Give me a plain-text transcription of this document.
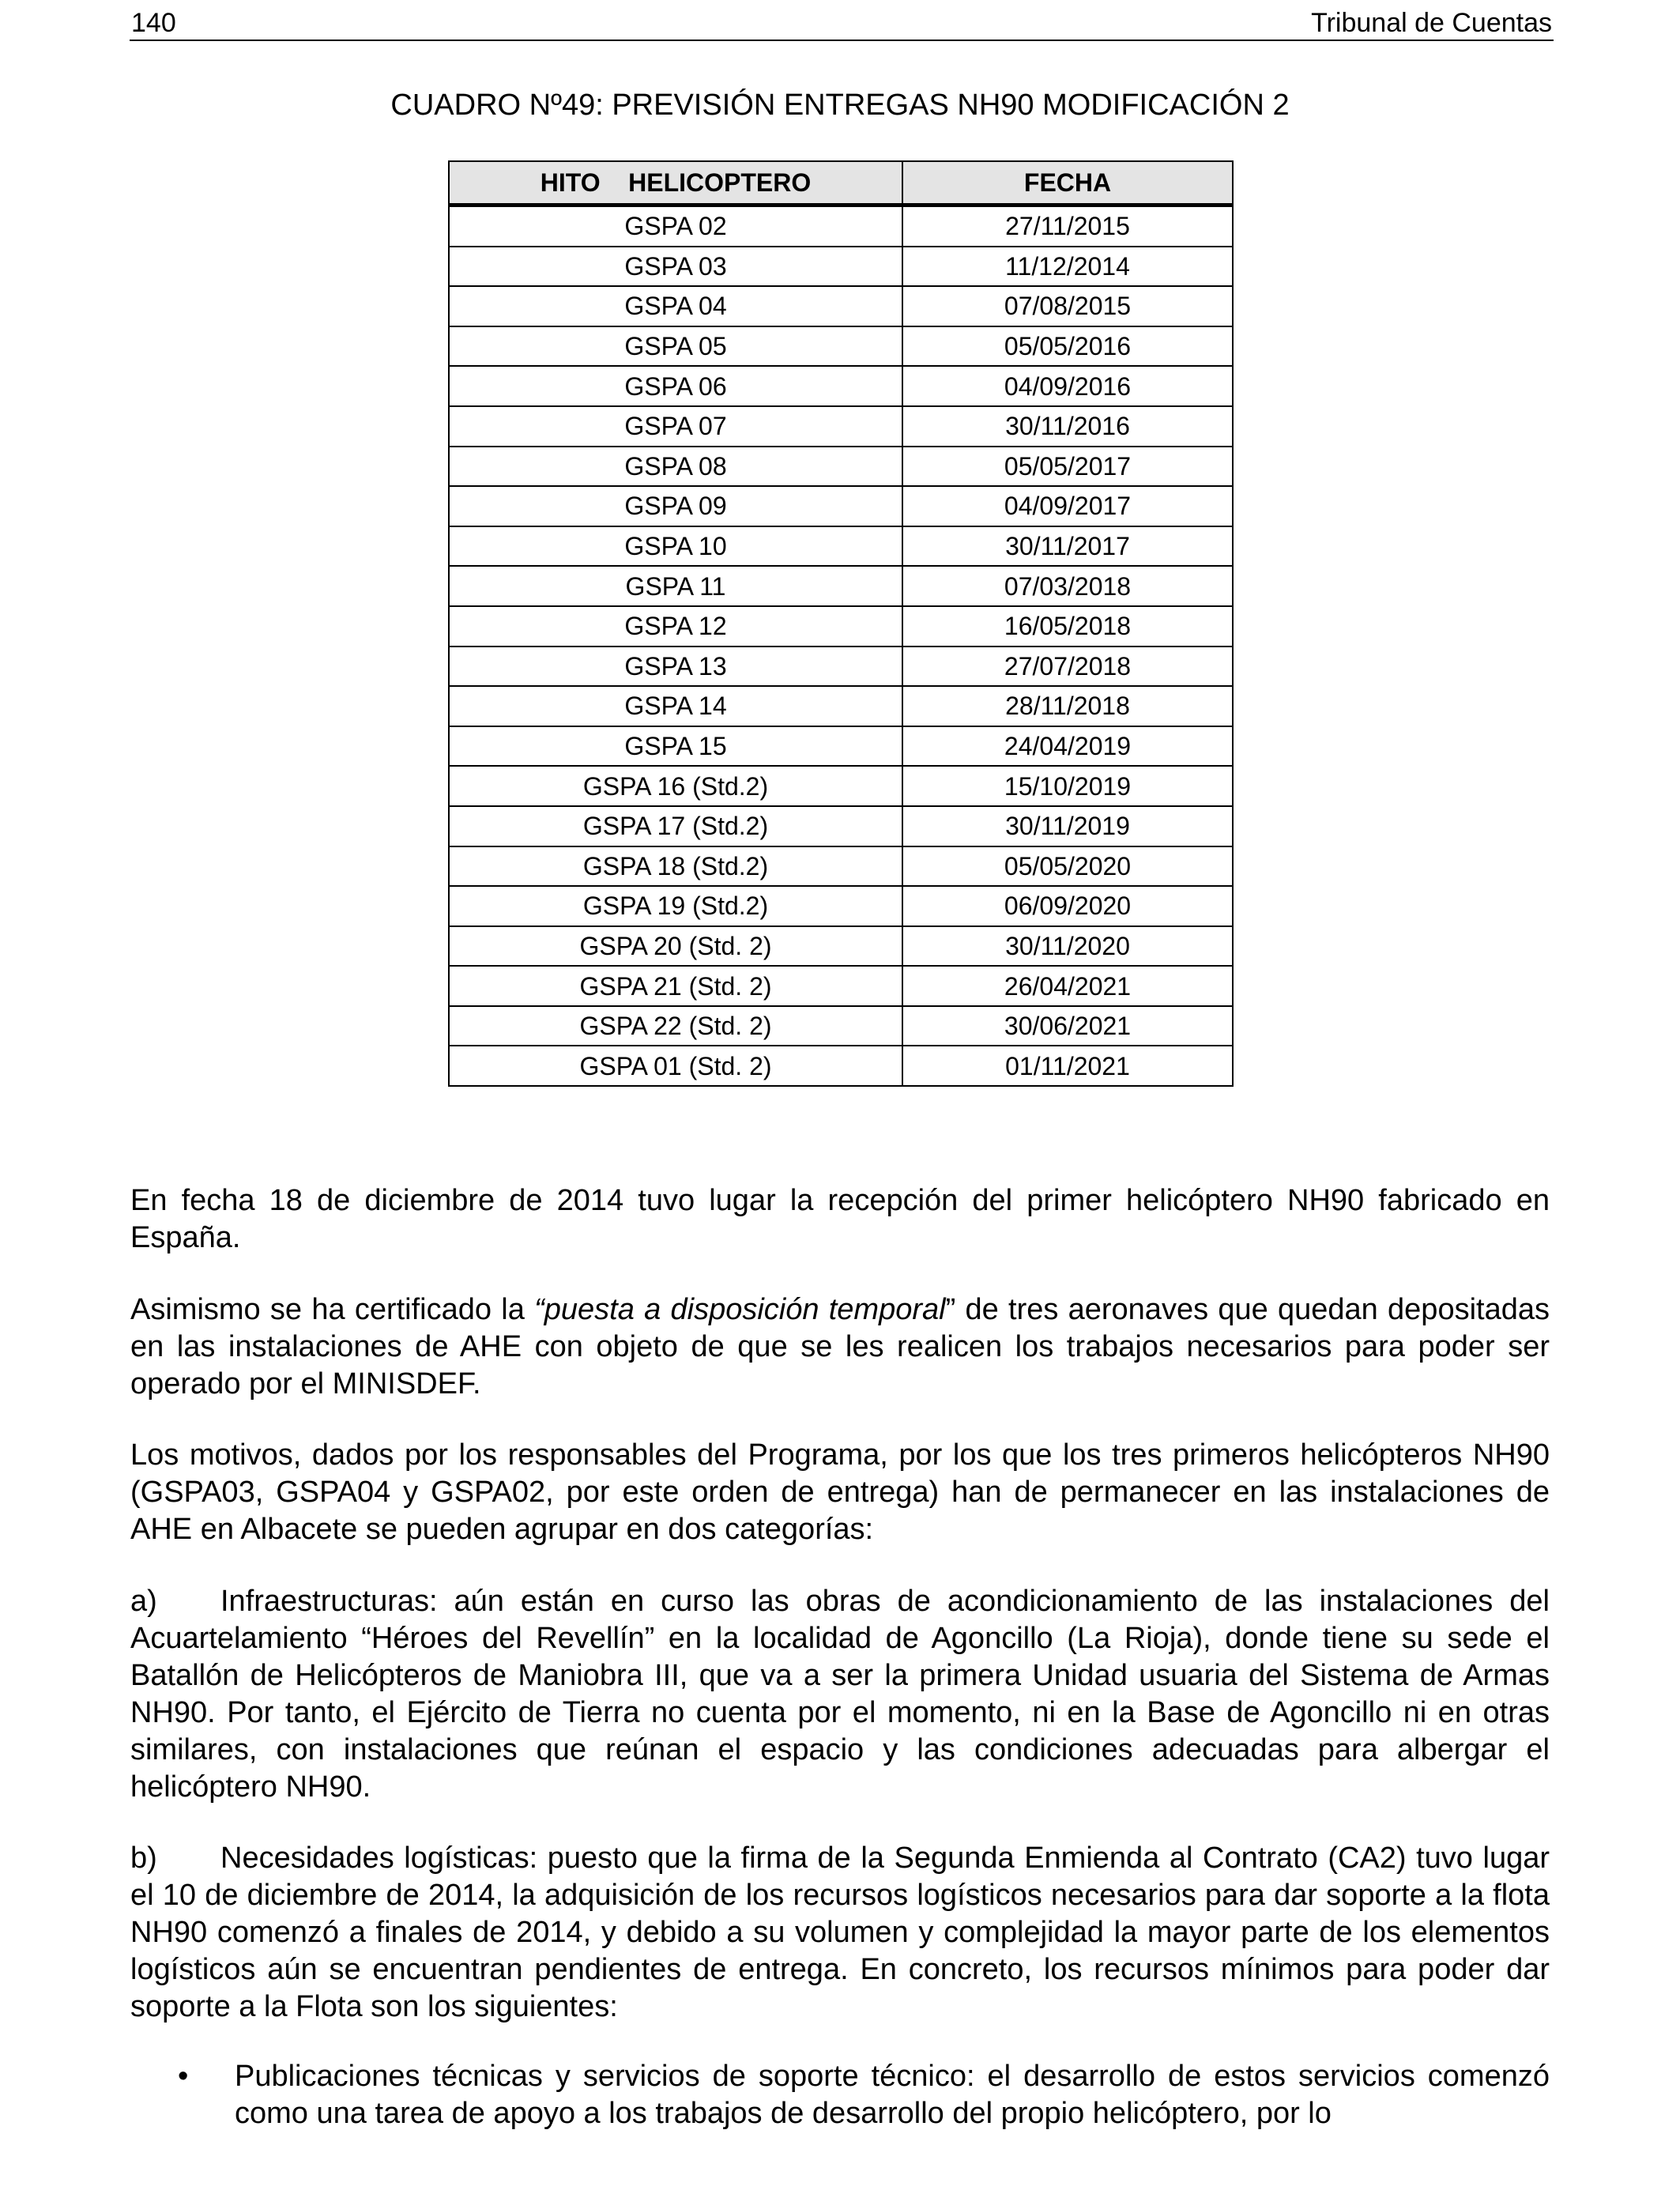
140	Tribunal de Cuentas
CUADRO Nº49: PREVISIÓN ENTREGAS NH90 MODIFICACIÓN 2
HITO HELICOPTERO	FECHA
GSPA 02	27/11/2015
GSPA 03	11/12/2014
GSPA 04	07/08/2015
GSPA 05	05/05/2016
GSPA 06	04/09/2016
GSPA 07	30/11/2016
GSPA 08	05/05/2017
GSPA 09	04/09/2017
GSPA 10	30/11/2017
GSPA 11	07/03/2018
GSPA 12	16/05/2018
GSPA 13	27/07/2018
GSPA 14	28/11/2018
GSPA 15	24/04/2019
GSPA 16 (Std.2)	15/10/2019
GSPA 17 (Std.2)	30/11/2019
GSPA 18 (Std.2)	05/05/2020
GSPA 19 (Std.2)	06/09/2020
GSPA 20 (Std. 2)	30/11/2020
GSPA 21 (Std. 2)	26/04/2021
GSPA 22 (Std. 2)	30/06/2021
GSPA 01 (Std. 2)	01/11/2021
En fecha 18 de diciembre de 2014 tuvo lugar la recepción del primer helicóptero NH90 fabricado en España.
Asimismo se ha certificado la “puesta a disposición temporal” de tres aeronaves que quedan depositadas en las instalaciones de AHE con objeto de que se les realicen los trabajos necesarios para poder ser operado por el MINISDEF.
Los motivos, dados por los responsables del Programa, por los que los tres primeros helicópteros NH90 (GSPA03, GSPA04 y GSPA02, por este orden de entrega) han de permanecer en las instalaciones de AHE en Albacete se pueden agrupar en dos categorías:
a) Infraestructuras: aún están en curso las obras de acondicionamiento de las instalaciones del Acuartelamiento “Héroes del Revellín” en la localidad de Agoncillo (La Rioja), donde tiene su sede el Batallón de Helicópteros de Maniobra III, que va a ser la primera Unidad usuaria del Sistema de Armas NH90. Por tanto, el Ejército de Tierra no cuenta por el momento, ni en la Base de Agoncillo ni en otras similares, con instalaciones que reúnan el espacio y las condiciones adecuadas para albergar el helicóptero NH90.
b) Necesidades logísticas: puesto que la firma de la Segunda Enmienda al Contrato (CA2) tuvo lugar el 10 de diciembre de 2014, la adquisición de los recursos logísticos necesarios para dar soporte a la flota NH90 comenzó a finales de 2014, y debido a su volumen y complejidad la mayor parte de los elementos logísticos aún se encuentran pendientes de entrega. En concreto, los recursos mínimos para poder dar soporte a la Flota son los siguientes:
• Publicaciones técnicas y servicios de soporte técnico: el desarrollo de estos servicios comenzó como una tarea de apoyo a los trabajos de desarrollo del propio helicóptero, por lo
